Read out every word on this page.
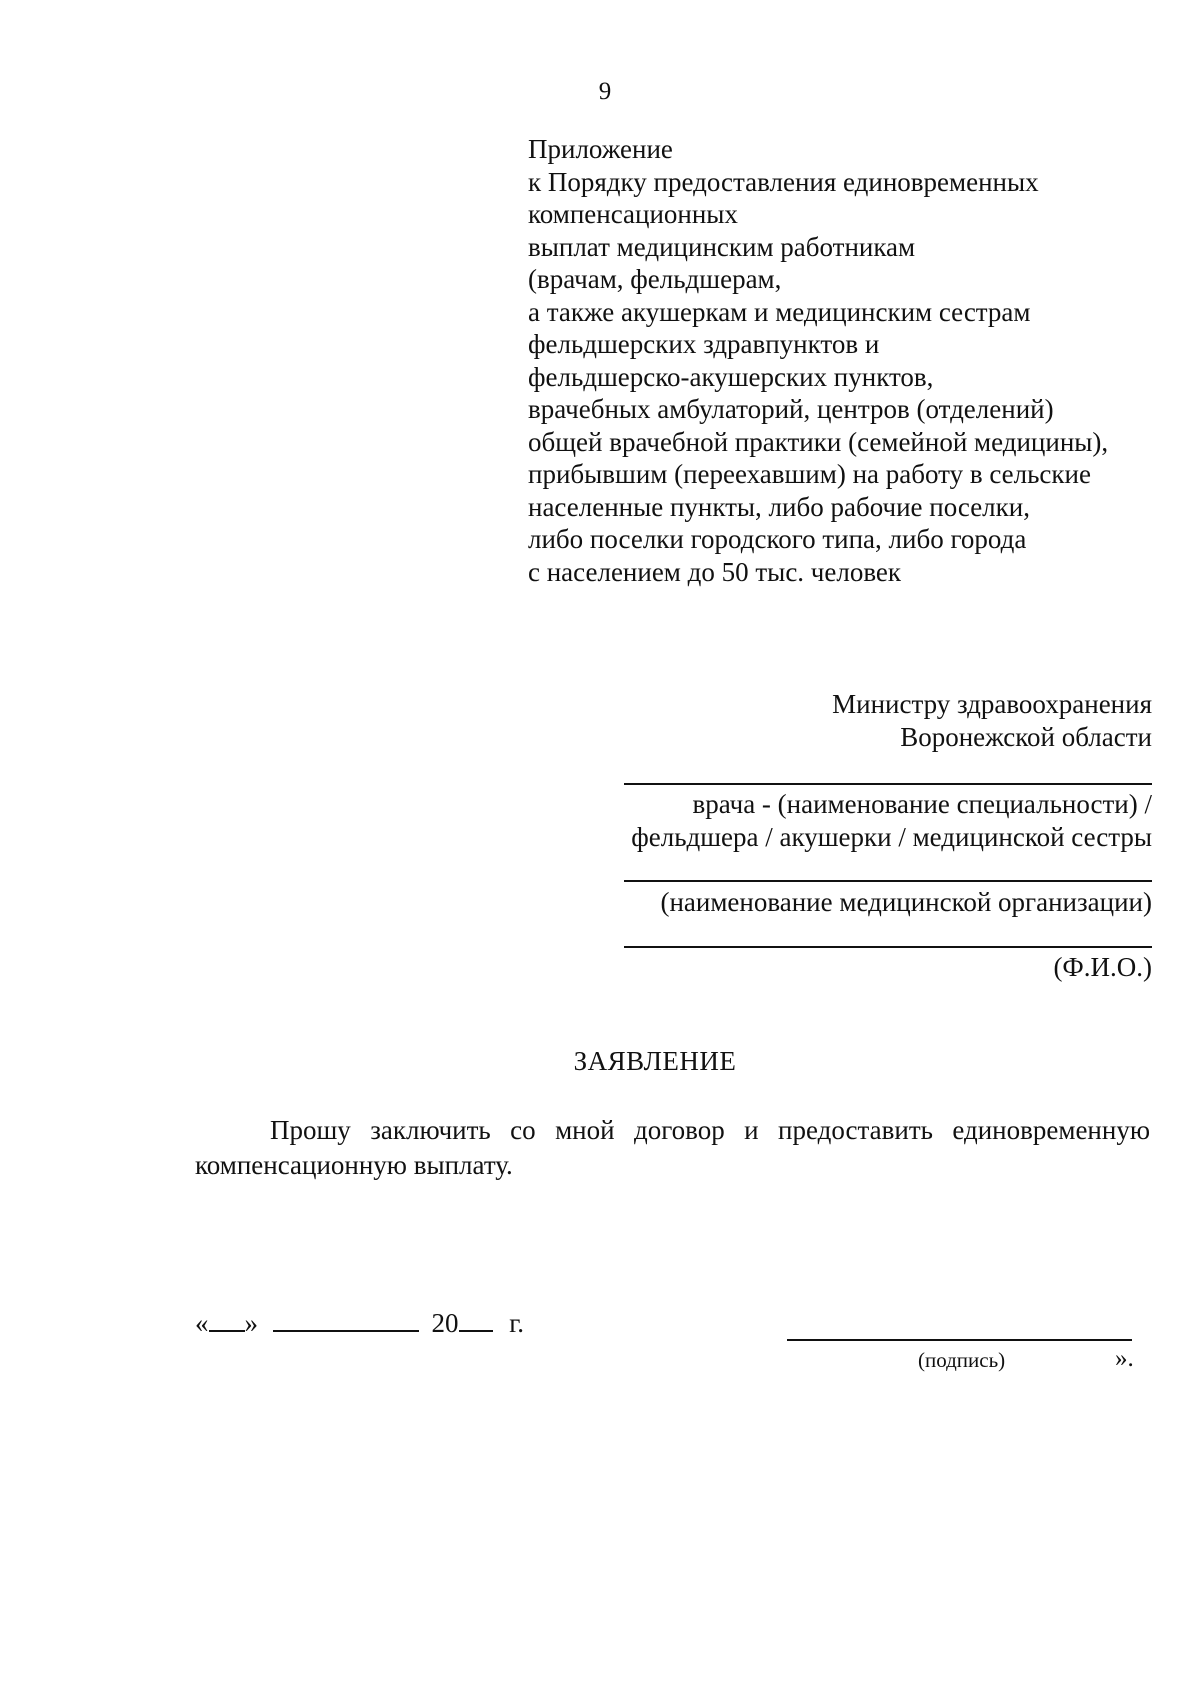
9
Приложение
к Порядку предоставления единовременных
компенсационных
выплат медицинским работникам
(врачам, фельдшерам,
а также акушеркам и медицинским сестрам
фельдшерских здравпунктов и
фельдшерско-акушерских пунктов,
врачебных амбулаторий, центров (отделений)
общей врачебной практики (семейной медицины),
прибывшим (переехавшим) на работу в сельские
населенные пункты, либо рабочие поселки,
либо поселки городского типа, либо города
с населением до 50 тыс. человек
Министру здравоохранения
Воронежской области
врача - (наименование специальности) /
фельдшера / акушерки / медицинской сестры
(наименование медицинской организации)
(Ф.И.О.)
ЗАЯВЛЕНИЕ
Прошу заключить со мной договор и предоставить единовременную
компенсационную выплату.
« »	20 г.
(подпись)	».
